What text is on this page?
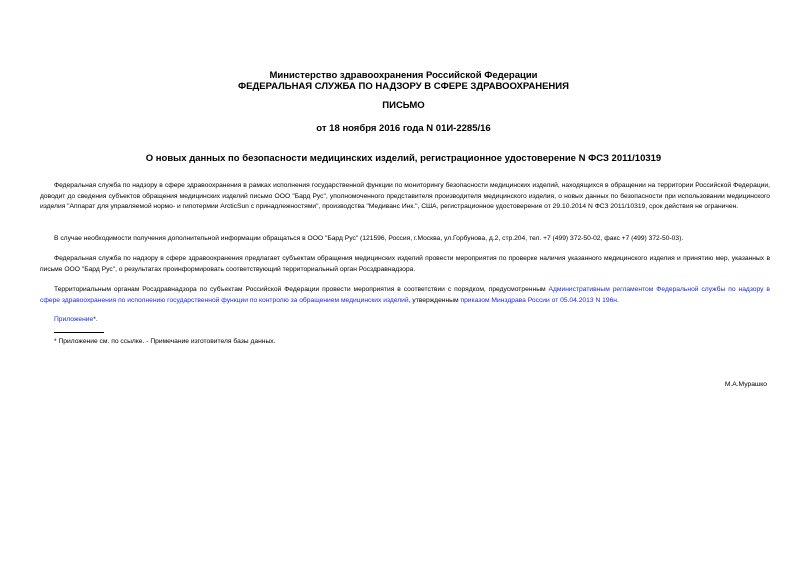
Министерство здравоохранения Российской Федерации
ФЕДЕРАЛЬНАЯ СЛУЖБА ПО НАДЗОРУ В СФЕРЕ ЗДРАВООХРАНЕНИЯ
ПИСЬМО
от 18 ноября 2016 года N 01И-2285/16
О новых данных по безопасности медицинских изделий, регистрационное удостоверение N ФСЗ 2011/10319
Федеральная служба по надзору в сфере здравоохранения в рамках исполнения государственной функции по мониторингу безопасности медицинских изделий, находящихся в обращении на территории Российской Федерации, доводит до сведения субъектов обращения медицинских изделий письмо ООО "Бард Рус", уполномоченного представителя производителя медицинского изделия, о новых данных по безопасности при использовании медицинского изделия "Аппарат для управляемой нормо- и гипотермии ArcticSun с принадлежностями", производства "Медиванс Инк.", США, регистрационное удостоверение от 29.10.2014 N ФСЗ 2011/10319, срок действия не ограничен.
В случае необходимости получения дополнительной информации обращаться в ООО "Бард Рус" (121596, Россия, г.Москва, ул.Горбунова, д.2, стр.204, тел. +7 (499) 372-50-02, факс +7 (499) 372-50-03).
Федеральная служба по надзору в сфере здравоохранения предлагает субъектам обращения медицинских изделий провести мероприятия по проверке наличия указанного медицинского изделия и принятию мер, указанных в письме ООО "Бард Рус", о результатах проинформировать соответствующий территориальный орган Росздравнадзора.
Территориальным органам Росздравнадзора по субъектам Российской Федерации провести мероприятия в соответствии с порядком, предусмотренным Административным регламентом Федеральной службы по надзору в сфере здравоохранения по исполнению государственной функции по контролю за обращением медицинских изделий, утвержденным приказом Минздрава России от 05.04.2013 N 196н.
Приложение*.
* Приложение см. по ссылке. - Примечание изготовителя базы данных.
М.А.Мурашко
